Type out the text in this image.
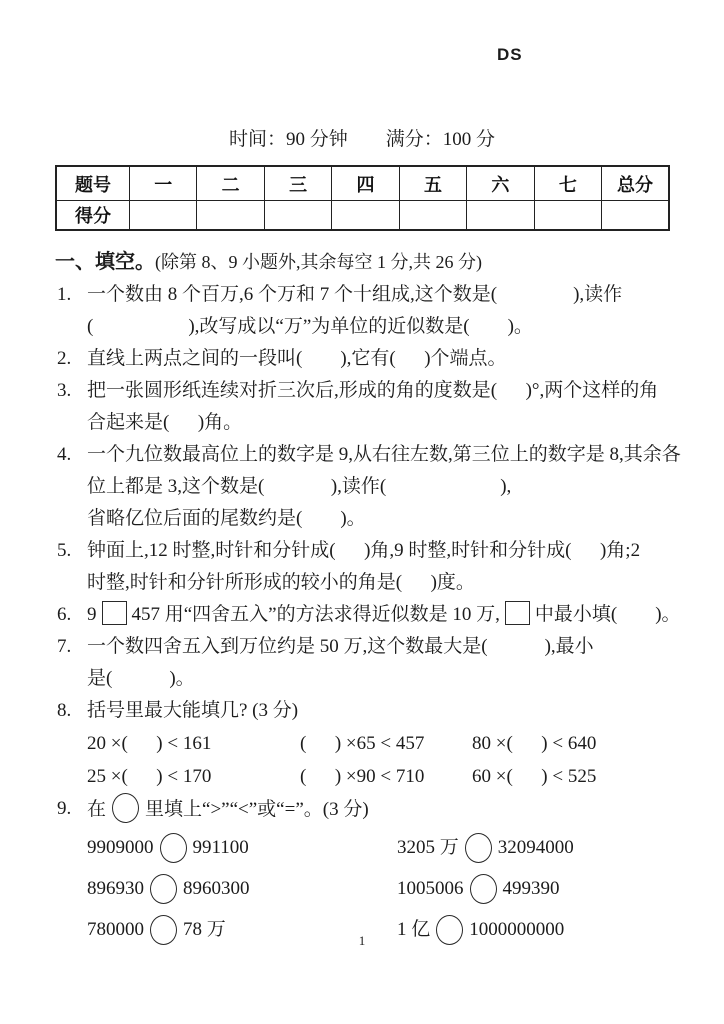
DS
时间：90 分钟        满分：100 分
题号	一	二	三	四	五	六	七	总分
得分								
一、填空。(除第 8、9 小题外,其余每空 1 分,共 26 分)
1. 一个数由 8 个百万,6 个万和 7 个十组成,这个数是(                ),读作
(                    ),改写成以“万”为单位的近似数是(        )。
2. 直线上两点之间的一段叫(        ),它有(      )个端点。
3. 把一张圆形纸连续对折三次后,形成的角的度数是(      )°,两个这样的角
合起来是(      )角。
4. 一个九位数最高位上的数字是 9,从右往左数,第三位上的数字是 8,其余各
位上都是 3,这个数是(              ),读作(                        ),
省略亿位后面的尾数约是(        )。
5. 钟面上,12 时整,时针和分针成(      )角,9 时整,时针和分针成(      )角;2
时整,时针和分针所形成的较小的角是(      )度。
6. 9 457 用“四舍五入”的方法求得近似数是 10 万, 中最小填(        )。
7. 一个数四舍五入到万位约是 50 万,这个数最大是(            ),最小
是(            )。
8. 括号里最大能填几? (3 分)
20 ×(      ) < 161	(      ) ×65 < 457	80 ×(      ) < 640
25 ×(      ) < 170	(      ) ×90 < 710	60 ×(      ) < 525
9. 在 里填上“>”“<”或“=”。(3 分)
9909000 991100	3205 万 32094000
896930 8960300	1005006 499390
780000 78 万	1 亿 1000000000
1
